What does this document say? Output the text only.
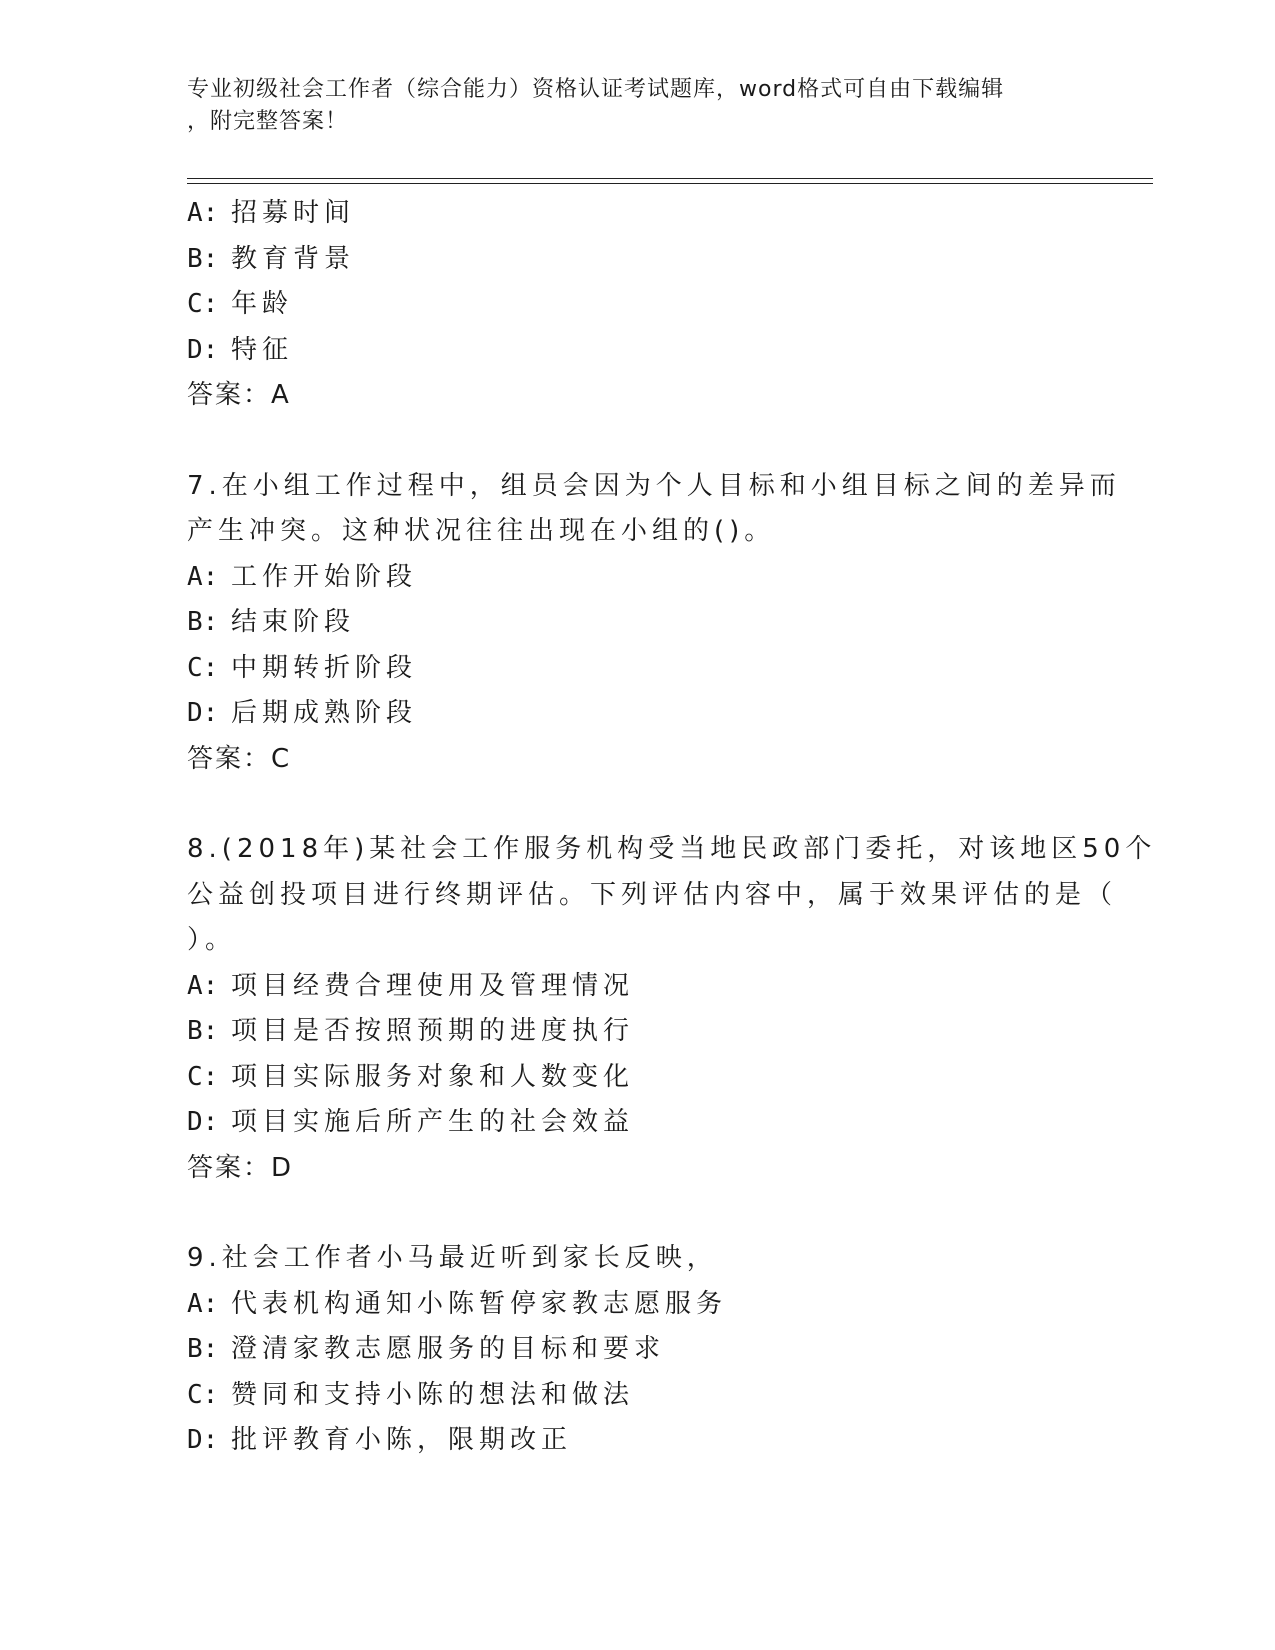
专业初级社会工作者（综合能力）资格认证考试题库，word格式可自由下载编辑
，附完整答案！
A: 招募时间
B: 教育背景
C: 年龄
D: 特征
答案：A
7.在小组工作过程中，组员会因为个人目标和小组目标之间的差异而
产生冲突。这种状况往往出现在小组的()。
A: 工作开始阶段
B: 结束阶段
C: 中期转折阶段
D: 后期成熟阶段
答案：C
8.(2018年)某社会工作服务机构受当地民政部门委托，对该地区50个
公益创投项目进行终期评估。下列评估内容中，属于效果评估的是（
）。
A: 项目经费合理使用及管理情况
B: 项目是否按照预期的进度执行
C: 项目实际服务对象和人数变化
D: 项目实施后所产生的社会效益
答案：D
9.社会工作者小马最近听到家长反映，
A: 代表机构通知小陈暂停家教志愿服务
B: 澄清家教志愿服务的目标和要求
C: 赞同和支持小陈的想法和做法
D: 批评教育小陈，限期改正
